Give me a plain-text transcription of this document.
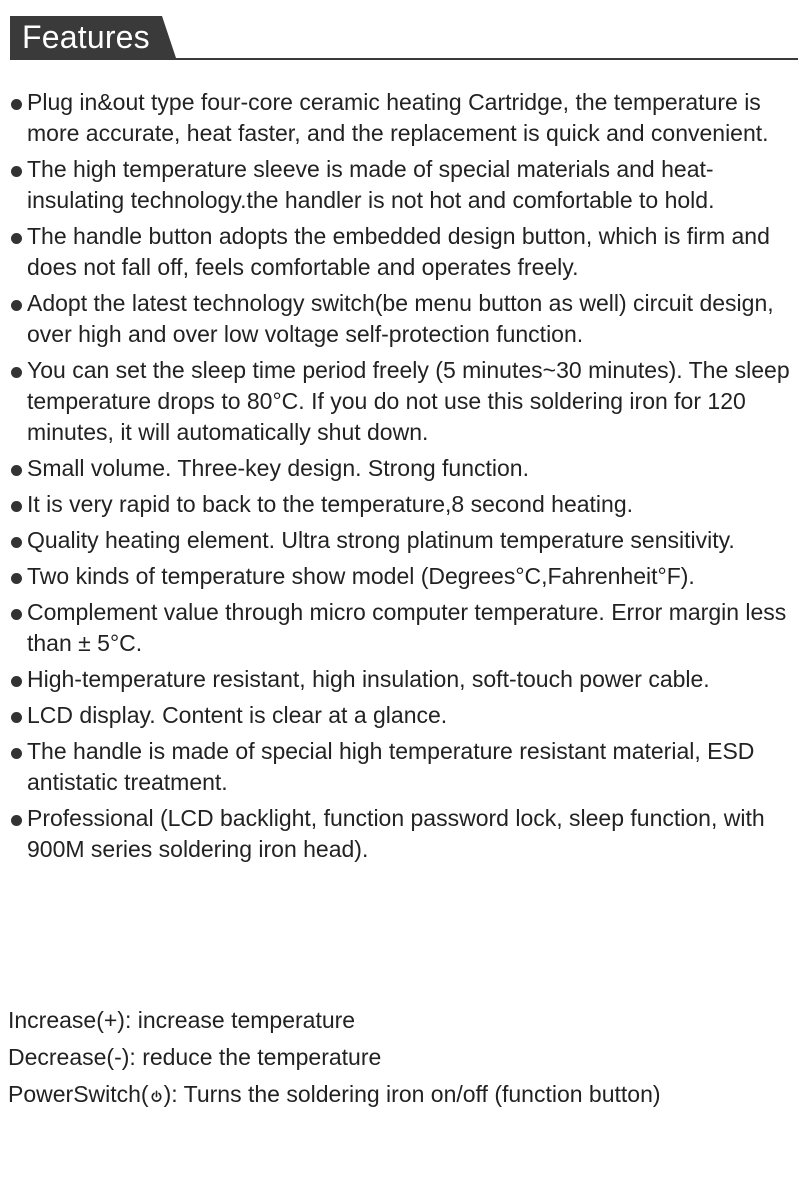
Features
Plug in&out type four-core ceramic heating Cartridge, the temperature is more accurate, heat faster, and the replacement is quick and convenient.
The high temperature sleeve is made of special materials and heat-insulating technology.the handler is not hot and comfortable to hold.
The handle button adopts the embedded design button, which is firm and does not fall off, feels comfortable and operates freely.
Adopt the latest technology switch(be menu button as well) circuit design, over high and over low voltage self-protection function.
You can set the sleep time period freely (5 minutes~30 minutes). The sleep temperature drops to 80°C. If you do not use this soldering iron for 120 minutes, it will automatically shut down.
Small volume. Three-key design. Strong function.
It is very rapid to back to the temperature,8 second heating.
Quality heating element. Ultra strong platinum temperature sensitivity.
Two kinds of temperature show model (Degrees°C,Fahrenheit°F).
Complement value through micro computer temperature. Error margin less than ± 5°C.
High-temperature resistant, high insulation, soft-touch power cable.
LCD display. Content is clear at a glance.
The handle is made of special high temperature resistant material, ESD antistatic treatment.
Professional (LCD backlight, function password lock, sleep function, with 900M series soldering iron head).
Increase(+): increase temperature
Decrease(-): reduce the temperature
PowerSwitch( ): Turns the soldering iron on/off (function button)
